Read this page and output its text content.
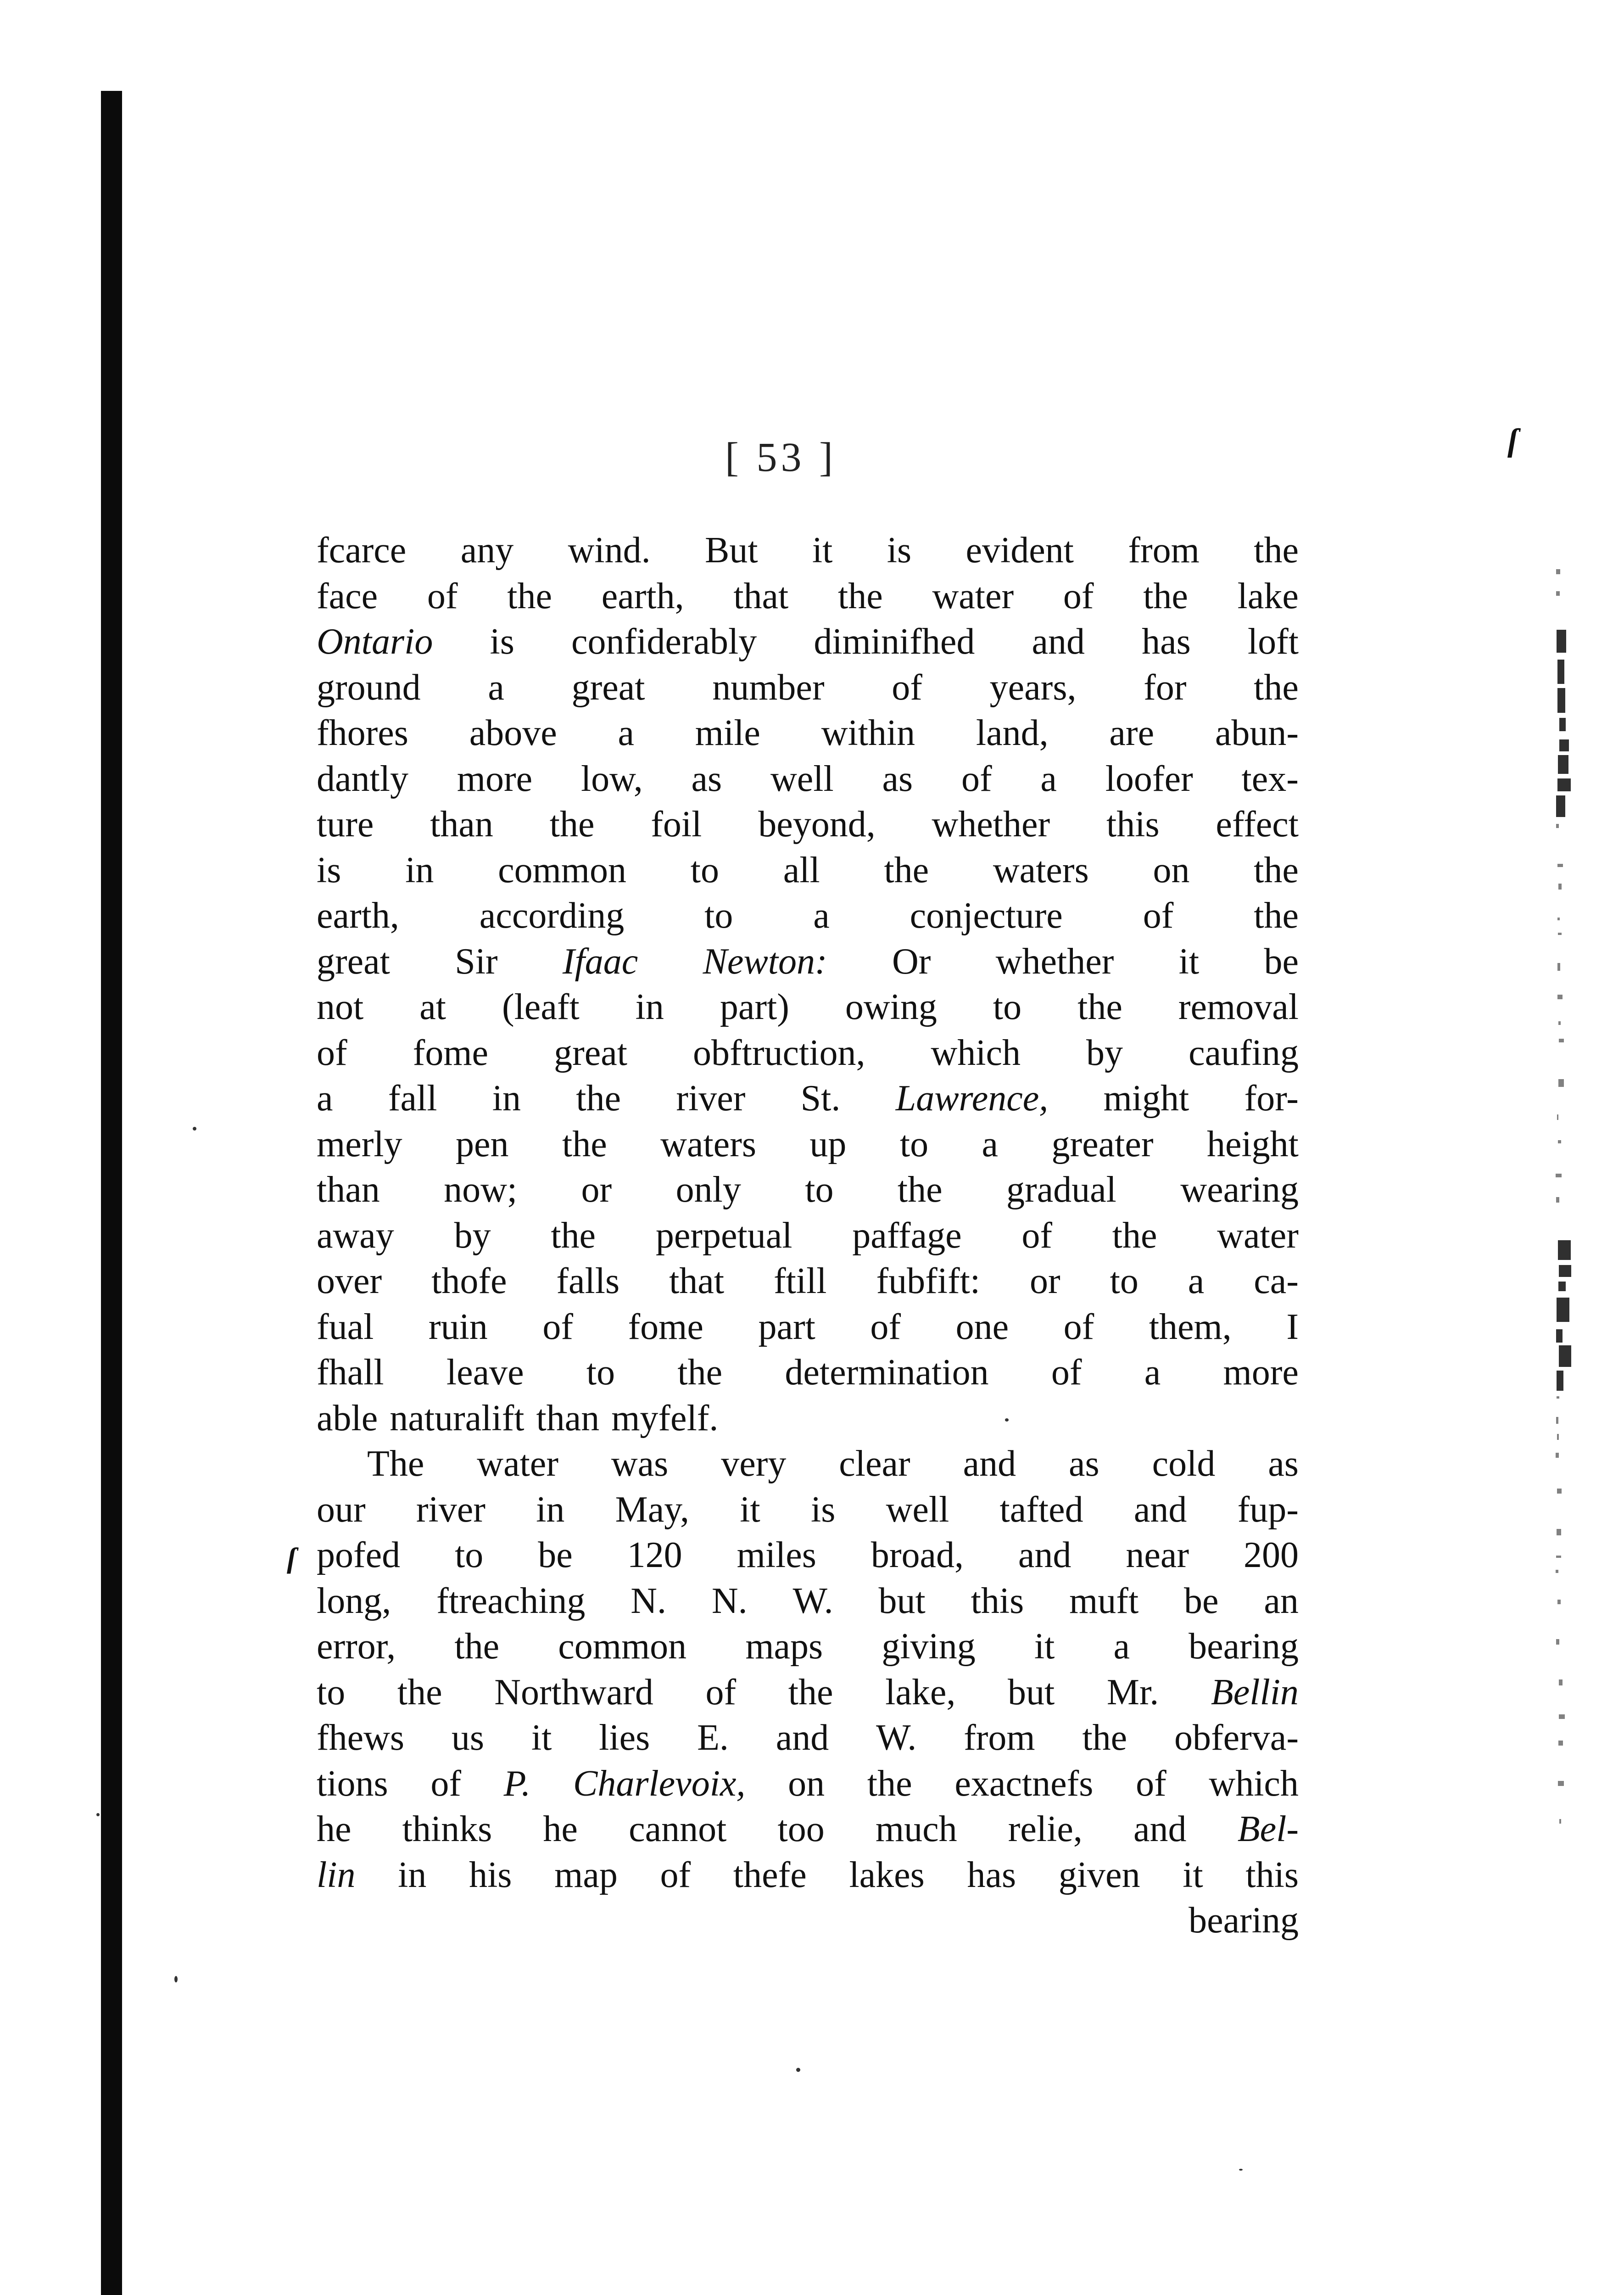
[ 53 ]	ſ
ſ
fcarce any wind. But it is evident from the
face of the earth, that the water of the lake
Ontario is confiderably diminifhed and has loft
ground a great number of years, for the
fhores above a mile within land, are abun-
dantly more low, as well as of a loofer tex-
ture than the foil beyond, whether this effect
is in common to all the waters on the
earth, according to a conjecture of the
great Sir Ifaac Newton: Or whether it be
not at (leaft in part) owing to the removal
of fome great obftruction, which by caufing
a fall in the river St. Lawrence, might for-
merly pen the waters up to a greater height
than now; or only to the gradual wearing
away by the perpetual paffage of the water
over thofe falls that ftill fubfift: or to a ca-
fual ruin of fome part of one of them, I
fhall leave to the determination of a more
able naturalift than myfelf.
The water was very clear and as cold as
our river in May, it is well tafted and fup-
pofed to be 120 miles broad, and near 200
long, ftreaching N. N. W. but this muft be an
error, the common maps giving it a bearing
to the Northward of the lake, but Mr. Bellin
fhews us it lies E. and W. from the obferva-
tions of P. Charlevoix, on the exactnefs of which
he thinks he cannot too much relie, and Bel-
lin in his map of thefe lakes has given it this
bearing
